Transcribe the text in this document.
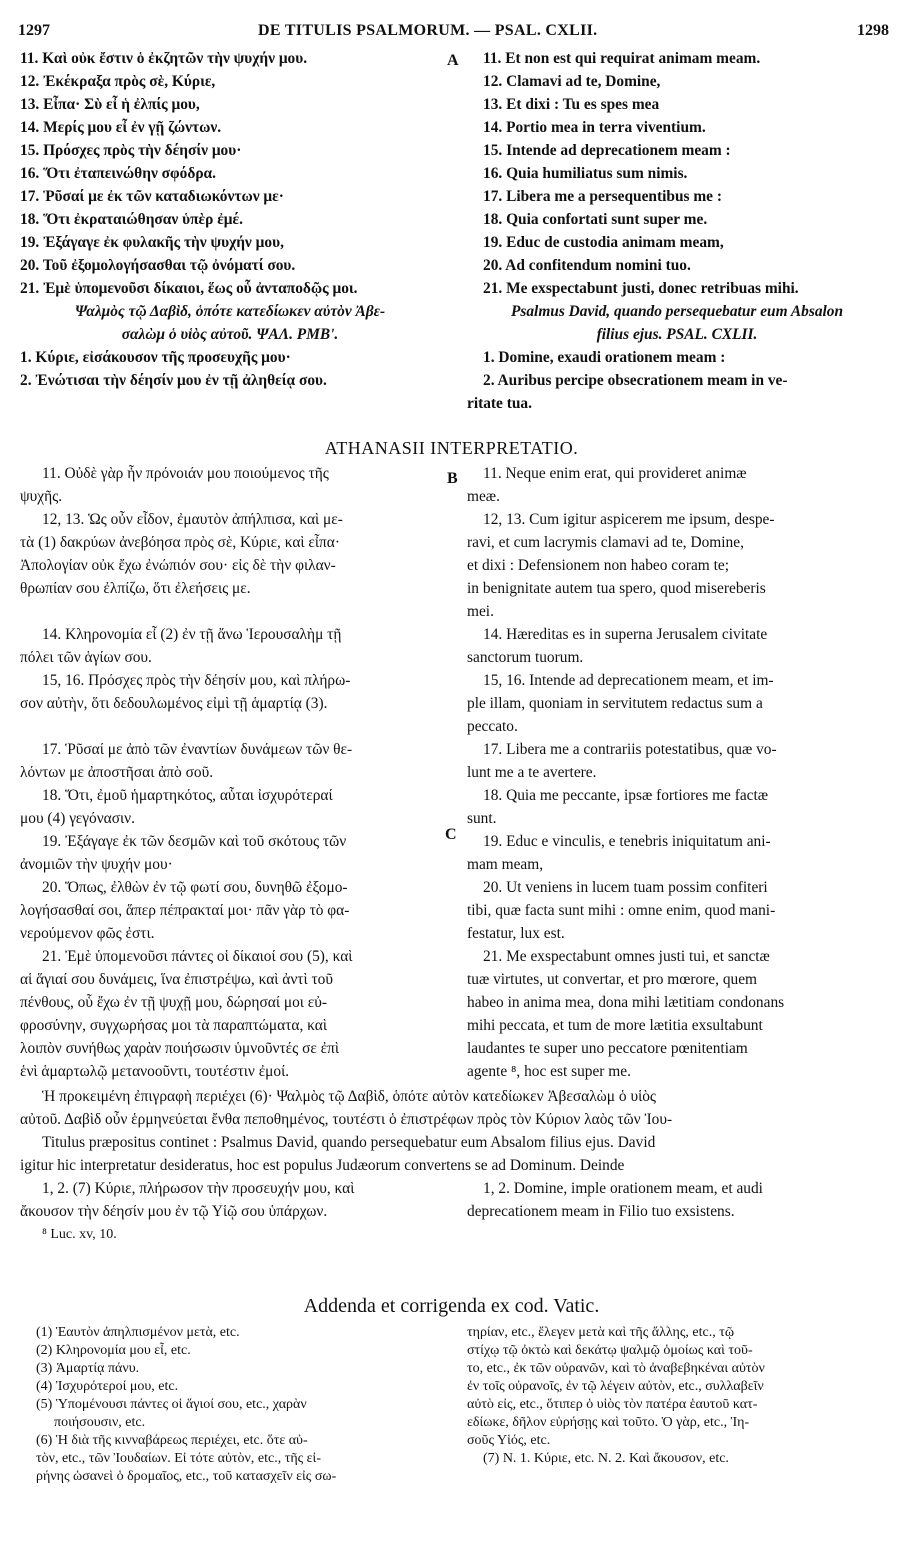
1297	DE TITULIS PSALMORUM. — PSAL. CXLII.	1298
A
B
C
11. Καὶ οὐκ ἔστιν ὁ ἐκζητῶν τὴν ψυχήν μου.
12. Ἐκέκραξα πρὸς σὲ, Κύριε,
13. Εἶπα· Σὺ εἶ ἡ ἐλπίς μου,
14. Μερίς μου εἶ ἐν γῇ ζώντων.
15. Πρόσχες πρὸς τὴν δέησίν μου·
16. Ὅτι ἐταπεινώθην σφόδρα.
17. Ῥῦσαί με ἐκ τῶν καταδιωκόντων με·
18. Ὅτι ἐκραταιώθησαν ὑπὲρ ἐμέ.
19. Ἐξάγαγε ἐκ φυλακῆς τὴν ψυχήν μου,
20. Τοῦ ἐξομολογήσασθαι τῷ ὀνόματί σου.
21. Ἐμὲ ὑπομενοῦσι δίκαιοι, ἕως οὗ ἀνταποδῷς μοι.
Ψαλμὸς τῷ Δαβὶδ, ὁπότε κατεδίωκεν αὐτὸν Ἀβε-
σαλὼμ ὁ υἱὸς αὐτοῦ. ΨΑΛ. ΡΜΒʹ.
1. Κύριε, εἰσάκουσον τῆς προσευχῆς μου·
2. Ἐνώτισαι τὴν δέησίν μου ἐν τῇ ἀληθείᾳ σου.
11. Et non est qui requirat animam meam.
12. Clamavi ad te, Domine,
13. Et dixi : Tu es spes mea
14. Portio mea in terra viventium.
15. Intende ad deprecationem meam :
16. Quia humiliatus sum nimis.
17. Libera me a persequentibus me :
18. Quia confortati sunt super me.
19. Educ de custodia animam meam,
20. Ad confitendum nomini tuo.
21. Me exspectabunt justi, donec retribuas mihi.
Psalmus David, quando persequebatur eum Absalon
filius ejus. PSAL. CXLII.
1. Domine, exaudi orationem meam :
2. Auribus percipe obsecrationem meam in ve-
ritate tua.
ATHANASII INTERPRETATIO.
11. Οὐδὲ γὰρ ἦν πρόνοιάν μου ποιούμενος τῆς
ψυχῆς.
12, 13. Ὡς οὖν εἶδον, ἐμαυτὸν ἀπήλπισα, καὶ με-
τὰ (1) δακρύων ἀνεβόησα πρὸς σὲ, Κύριε, καὶ εἶπα·
Ἀπολογίαν οὐκ ἔχω ἐνώπιόν σου· εἰς δὲ τὴν φιλαν-
θρωπίαν σου ἐλπίζω, ὅτι ἐλεήσεις με.
14. Κληρονομία εἶ (2) ἐν τῇ ἄνω Ἱερουσαλὴμ τῇ
πόλει τῶν ἁγίων σου.
15, 16. Πρόσχες πρὸς τὴν δέησίν μου, καὶ πλήρω-
σον αὐτὴν, ὅτι δεδουλωμένος εἰμὶ τῇ ἁμαρτίᾳ (3).
17. Ῥῦσαί με ἀπὸ τῶν ἐναντίων δυνάμεων τῶν θε-
λόντων με ἀποστῆσαι ἀπὸ σοῦ.
18. Ὅτι, ἐμοῦ ἡμαρτηκότος, αὗται ἰσχυρότεραί
μου (4) γεγόνασιν.
19. Ἐξάγαγε ἐκ τῶν δεσμῶν καὶ τοῦ σκότους τῶν
ἀνομιῶν τὴν ψυχήν μου·
20. Ὅπως, ἐλθὼν ἐν τῷ φωτί σου, δυνηθῶ ἐξομο-
λογήσασθαί σοι, ἅπερ πέπρακταί μοι· πᾶν γὰρ τὸ φα-
νερούμενον φῶς ἐστι.
21. Ἐμὲ ὑπομενοῦσι πάντες οἱ δίκαιοί σου (5), καὶ
αἱ ἅγιαί σου δυνάμεις, ἵνα ἐπιστρέψω, καὶ ἀντὶ τοῦ
πένθους, οὗ ἔχω ἐν τῇ ψυχῇ μου, δώρησαί μοι εὐ-
φροσύνην, συγχωρήσας μοι τὰ παραπτώματα, καὶ
λοιπὸν συνήθως χαρὰν ποιήσωσιν ὑμνοῦντές σε ἐπὶ
ἑνὶ ἁμαρτωλῷ μετανοοῦντι, τουτέστιν ἐμοί.
11. Neque enim erat, qui provideret animæ
meæ.
12, 13. Cum igitur aspicerem me ipsum, despe-
ravi, et cum lacrymis clamavi ad te, Domine,
et dixi : Defensionem non habeo coram te;
in benignitate autem tua spero, quod misereberis
mei.
14. Hæreditas es in superna Jerusalem civitate
sanctorum tuorum.
15, 16. Intende ad deprecationem meam, et im-
ple illam, quoniam in servitutem redactus sum a
peccato.
17. Libera me a contrariis potestatibus, quæ vo-
lunt me a te avertere.
18. Quia me peccante, ipsæ fortiores me factæ
sunt.
19. Educ e vinculis, e tenebris iniquitatum ani-
mam meam,
20. Ut veniens in lucem tuam possim confiteri
tibi, quæ facta sunt mihi : omne enim, quod mani-
festatur, lux est.
21. Me exspectabunt omnes justi tui, et sanctæ
tuæ virtutes, ut convertar, et pro mœrore, quem
habeo in anima mea, dona mihi lætitiam condonans
mihi peccata, et tum de more lætitia exsultabunt
laudantes te super uno peccatore pœnitentiam
agente ⁸, hoc est super me.
Ἡ προκειμένη ἐπιγραφὴ περιέχει (6)· Ψαλμὸς τῷ Δαβὶδ, ὁπότε αὐτὸν κατεδίωκεν Ἀβεσαλὼμ ὁ υἱὸς
αὐτοῦ. Δαβὶδ οὖν ἑρμηνεύεται ἔνθα πεποθημένος, τουτέστι ὁ ἐπιστρέφων πρὸς τὸν Κύριον λαὸς τῶν Ἰου-
Titulus præpositus continet : Psalmus David, quando persequebatur eum Absalom filius ejus. David
igitur hic interpretatur desideratus, hoc est populus Judæorum convertens se ad Dominum. Deinde
1, 2. (7) Κύριε, πλήρωσον τὴν προσευχήν μου, καὶ
ἄκουσον τὴν δέησίν μου ἐν τῷ Υἱῷ σου ὑπάρχων.
⁸ Luc. xv, 10.
1, 2. Domine, imple orationem meam, et audi
deprecationem meam in Filio tuo exsistens.
Addenda et corrigenda ex cod. Vatic.
(1) Ἑαυτὸν ἀπηλπισμένον μετὰ, etc.
(2) Κληρονομία μου εἶ, etc.
(3) Ἁμαρτίᾳ πάνυ.
(4) Ἰσχυρότεροί μου, etc.
(5) Ὑπομένουσι πάντες οἱ ἅγιοί σου, etc., χαρὰν
ποιήσουσιν, etc.
(6) Ἡ διὰ τῆς κινναβάρεως περιέχει, etc. ὅτε αὐ-
τὸν, etc., τῶν Ἰουδαίων. Εἰ τότε αὐτὸν, etc., τῆς εἰ-
ρήνης ὡσανεὶ ὁ δρομαῖος, etc., τοῦ κατασχεῖν εἰς σω-
τηρίαν, etc., ἔλεγεν μετὰ καὶ τῆς ἄλλης, etc., τῷ
στίχῳ τῷ ὀκτὼ καὶ δεκάτῳ ψαλμῷ ὁμοίως καὶ τοῦ-
το, etc., ἐκ τῶν οὐρανῶν, καὶ τὸ ἀναβεβηκέναι αὐτὸν
ἐν τοῖς οὐρανοῖς, ἐν τῷ λέγειν αὐτὸν, etc., συλλαβεῖν
αὐτὸ εἰς, etc., ὅτιπερ ὁ υἱὸς τὸν πατέρα ἑαυτοῦ κατ-
εδίωκε, δῆλον εὑρήσῃς καὶ τοῦτο. Ὁ γὰρ, etc., Ἰη-
σοῦς Υἱός, etc.
(7) N. 1. Κύριε, etc. N. 2. Καὶ ἄκουσον, etc.
